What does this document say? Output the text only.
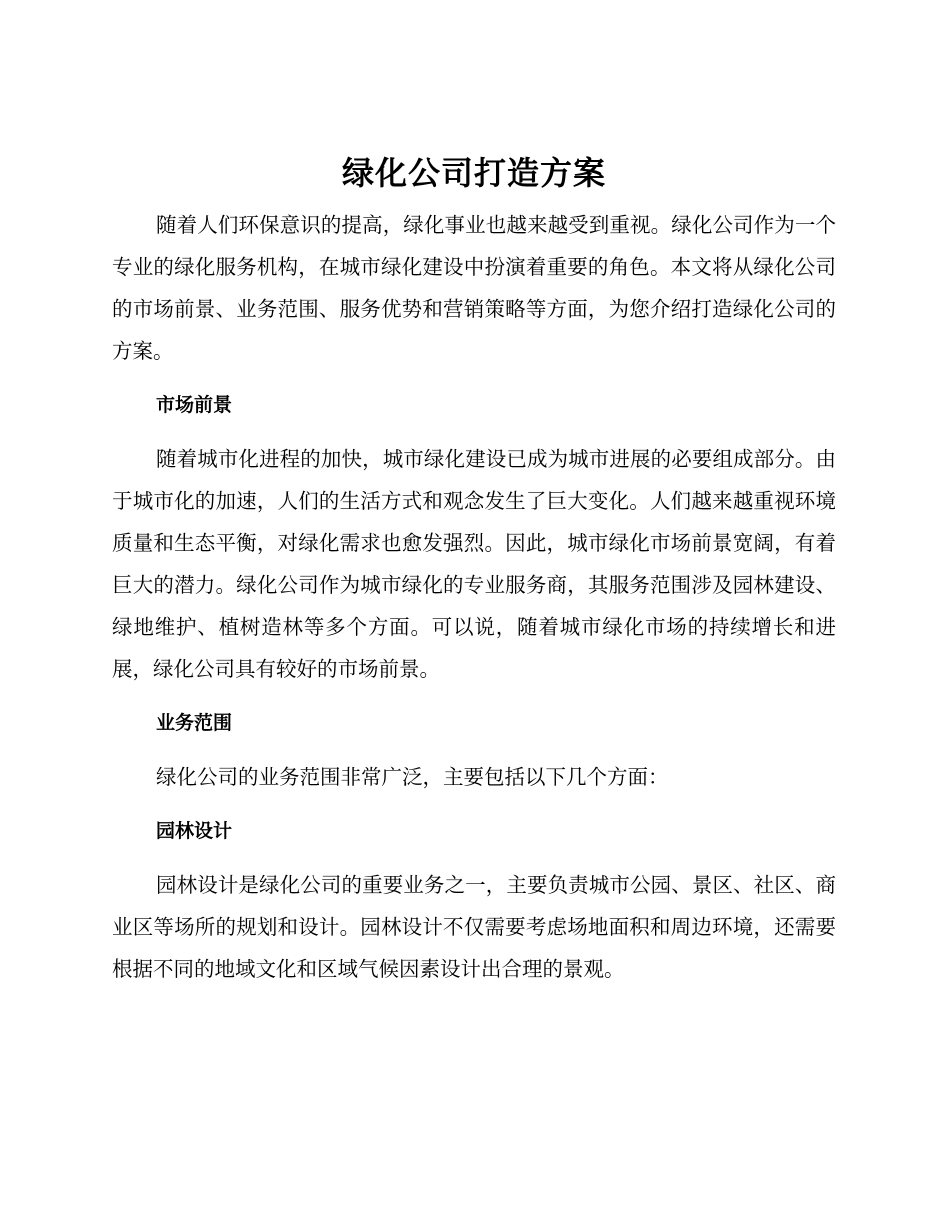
绿化公司打造方案

随着人们环保意识的提高，绿化事业也越来越受到重视。绿化公司作为一个专业的绿化服务机构，在城市绿化建设中扮演着重要的角色。本文将从绿化公司的市场前景、业务范围、服务优势和营销策略等方面，为您介绍打造绿化公司的方案。

市场前景

随着城市化进程的加快，城市绿化建设已成为城市进展的必要组成部分。由于城市化的加速，人们的生活方式和观念发生了巨大变化。人们越来越重视环境质量和生态平衡，对绿化需求也愈发强烈。因此，城市绿化市场前景宽阔，有着巨大的潜力。绿化公司作为城市绿化的专业服务商，其服务范围涉及园林建设、绿地维护、植树造林等多个方面。可以说，随着城市绿化市场的持续增长和进展，绿化公司具有较好的市场前景。

业务范围

绿化公司的业务范围非常广泛，主要包括以下几个方面：

园林设计

园林设计是绿化公司的重要业务之一，主要负责城市公园、景区、社区、商业区等场所的规划和设计。园林设计不仅需要考虑场地面积和周边环境，还需要根据不同的地域文化和区域气候因素设计出合理的景观。
